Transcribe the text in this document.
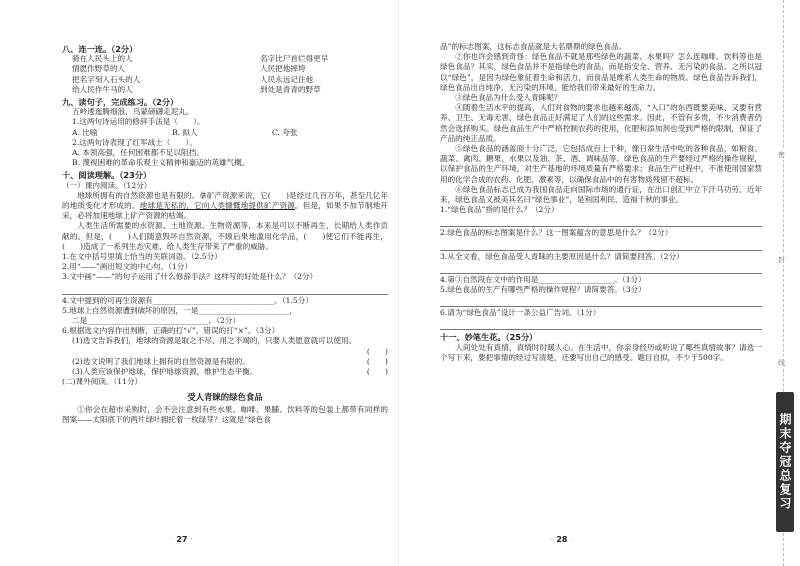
八、连一连。（2分）
骑在人民头上的人	名字比尸首烂得更早
情愿作野草的人	人民把他摔垮
把名字刻入石头的人	人民永远记住他
给人民作牛马的人	到处是青青的野草
九、读句子，完成练习。（2分）
五岭逶迤腾细浪，乌蒙磅礴走泥丸。
1.这两句诗运用的修辞手法是（　　）。
A. 比喻	B. 拟人	C. 夸张
2.这两句诗表现了红军战士（　　）。
A. 本领高强，任何困难都不足以阻挡。
B. 蔑视困难的革命乐观主义精神和豪迈的英雄气概。
十、阅读理解。（23分）
（一）课内阅读。（12分）
地球所拥有的自然资源也是有限的。拿矿产资源来说，它(　　 )是经过几百万年，甚至几亿年的地质变化才形成的。地球是无私的，它向人类慷慨地提供矿产资源。但是，如果不加节制地开采，必将加速地球上矿产资源的枯竭。
人类生活所需要的水资源、土地资源、生物资源等，本来是可以不断再生，长期给人类作贡献的。但是，(　　)人们随意毁坏自然资源，不顾后果地滥用化学品，(　　)使它们不能再生，(　　)造成了一系列生态灾难，给人类生存带来了严重的威胁。
1.在文中括号里填上恰当的关联词语。（2.5分）
2.用“——”画出短文的中心句。（1分）
3.文中画“——”的句子运用了什么修辞手法？这样写的好处是什么？（2分）
4.文中提到的可再生资源有________________________________。（1.5分）
5.地球上自然资源遭到破坏的原因，一是________________________，
二是________________________________。（2分）
6.根据选文内容作出判断，正确的打“√”，错误的打“×”。（3分）
(1)选文告诉我们，地球的资源是取之不尽、用之不竭的，只要人类愿意就可以使用。
(　　)
(2)选文说明了我们地球上拥有的自然资源是有限的。	(　　)
(3)人类应该保护地球，保护地球资源，维护生态平衡。	(　　)
(二)课外阅读。（11分）
受人青睐的绿色食品
①你会在超市采购时，会不会注意到有些水果、咖啡、果脯、饮料等的包装上都带有同样的图案——太阳底下的两片绿叶拥托着一枚绿芽？这就是“绿色食
· 27 ·
品”的标志图案，这标志食品就是大名鼎鼎的绿色食品。
②你也许会感到奇怪：绿色食品不就是那些绿色的蔬菜、水果吗？怎么连咖啡、饮料等也是绿色食品？其实，绿色食品并不是指绿色的食品，而是指安全、营养、无污染的食品。之所以冠以“绿色”，是因为绿色象征着生命和活力，而食品是维系人类生命的物质。绿色食品告诉我们，绿色食品出自纯净、无污染的环境，能给我们带来最好的生命力。
③绿色食品为什么受人青睐呢？
④随着生活水平的提高，人们对食物的要求也越来越高，“入口”的东西既要美味、又要有营养、卫生、无毒无害，绿色食品正好满足了人们的这些需求。因此，不管有多贵，不少消费者仍然会选择购买。绿色食品生产中严格控制农药的使用，化肥和添加剂也受到严格的限制，保证了产品的纯正品质。
⑤绿色食品的涵盖面十分广泛，它包括成百上千种，像日常生活中吃的各种食品，如粮食、蔬菜、禽肉、糖果、水果以及油、茶、酒、调味品等。绿色食品的生产要经过严格的操作规程，以保护食品的生产环境，对生产基地的环境质量有严格要求；食品生产过程中，不准使用国家禁用的化学合成的农药、化肥、激素等，以确保食品中的有害物质残留不超标。
⑥绿色食品标志已成为我国食品走向国际市场的通行证，在出口创汇中立下汗马功劳。近年来，绿色食品又被美其名曰“绿色事业”，是利国利民、造福千秋的事业。
1.“绿色食品”指的是什么？（2分）
2.绿色食品的标志图案是什么？这一图案蕴含的意思是什么？（2分）
3.从全文看，绿色食品受人青睐的主要原因是什么？请简要回答。（2分）
4.第③自然段在文中的作用是____________________。（1分）
5.绿色食品的生产有哪些严格的操作规程？请简要答。（3分）
6.请为“绿色食品”设计一条公益广告词。（1分）
十一、妙笔生花。（25分）
人间处处有真情，真情时时暖人心。在生活中，你亲身经历或听说了哪些真情故事？请选一个写下来，要把事情的经过写清楚，还要写出自己的感受。题目自拟，不少于500字。
· 28 ·
密
封
线
期末夺冠总复习
